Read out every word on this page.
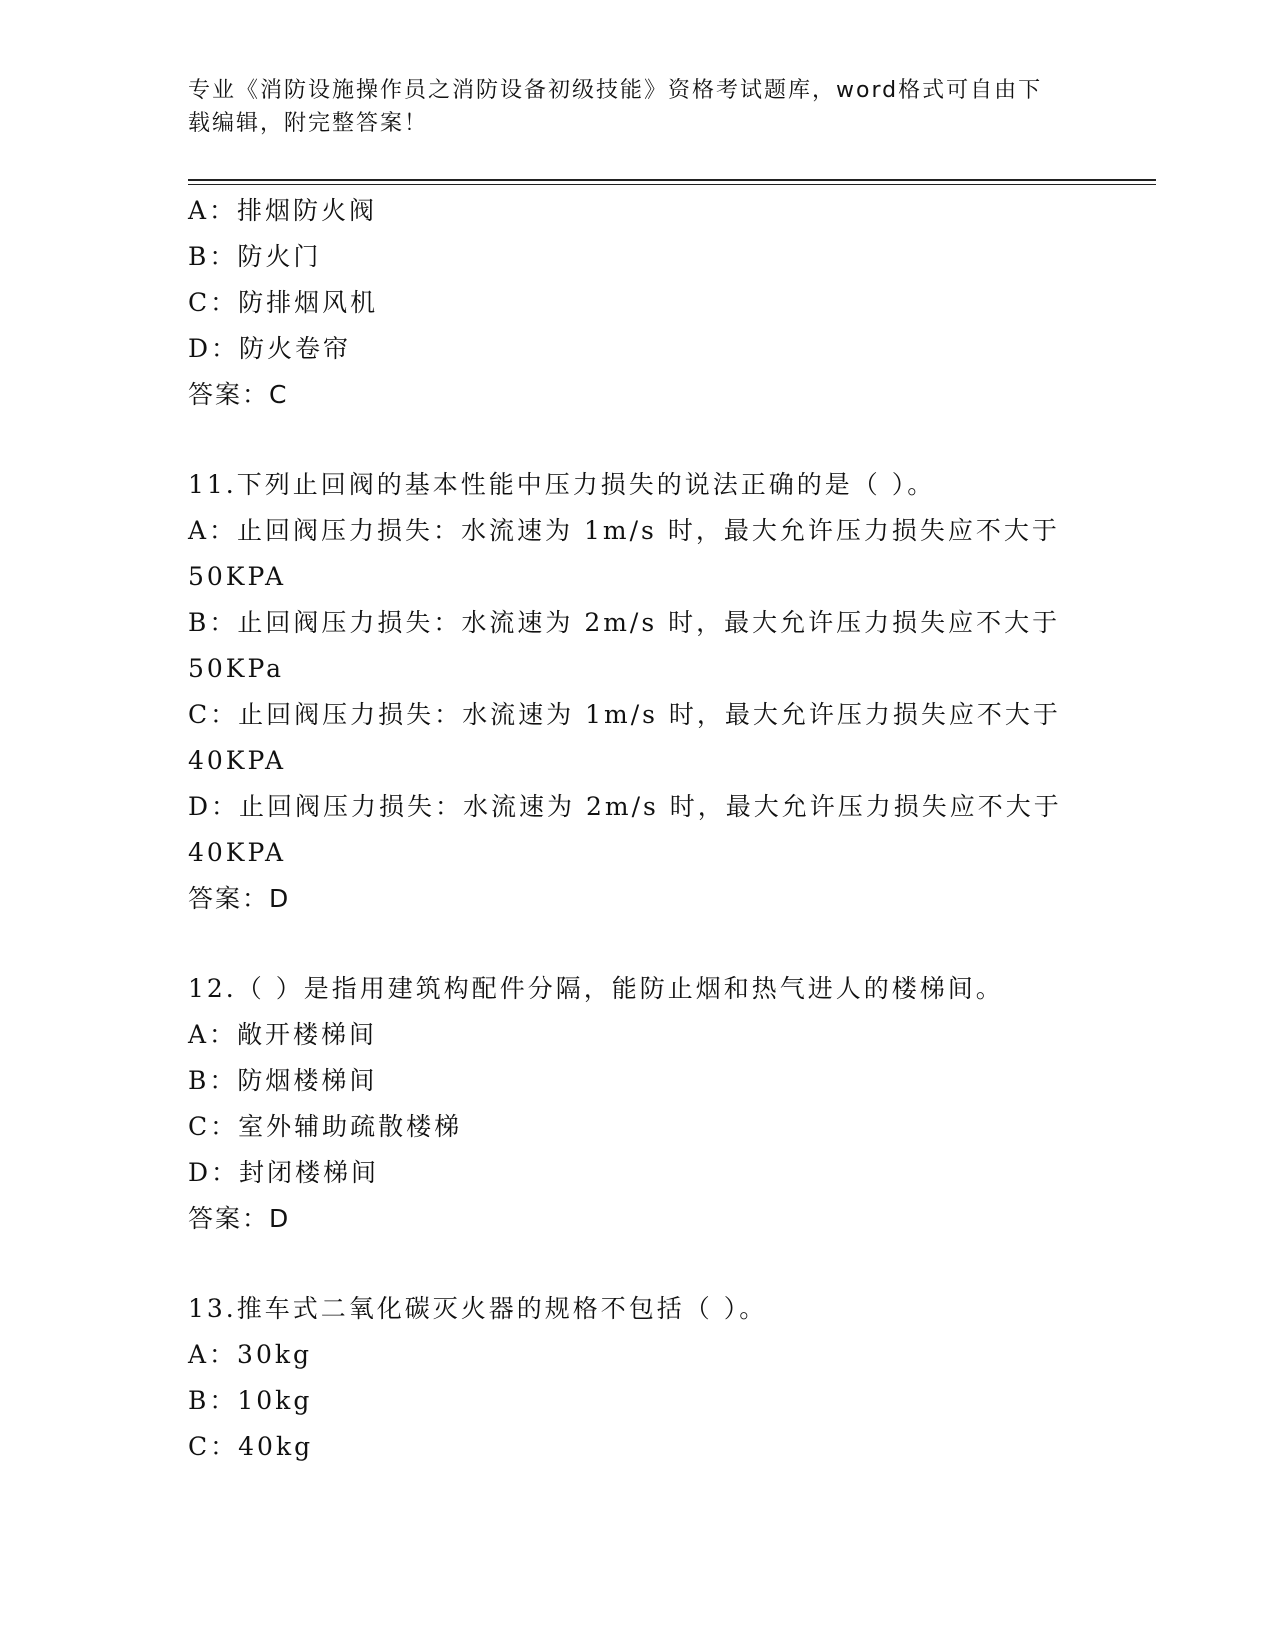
专业《消防设施操作员之消防设备初级技能》资格考试题库，word格式可自由下
载编辑，附完整答案！
A：排烟防火阀
B：防火门
C：防排烟风机
D：防火卷帘
答案：C
11.下列止回阀的基本性能中压力损失的说法正确的是（ ）。
A：止回阀压力损失：水流速为 1m/s 时，最大允许压力损失应不大于
50KPA
B：止回阀压力损失：水流速为 2m/s 时，最大允许压力损失应不大于
50KPa
C：止回阀压力损失：水流速为 1m/s 时，最大允许压力损失应不大于
40KPA
D：止回阀压力损失：水流速为 2m/s 时，最大允许压力损失应不大于
40KPA
答案：D
12.（ ）是指用建筑构配件分隔，能防止烟和热气进人的楼梯间。
A：敞开楼梯间
B：防烟楼梯间
C：室外辅助疏散楼梯
D：封闭楼梯间
答案：D
13.推车式二氧化碳灭火器的规格不包括（ ）。
A：30kg
B：10kg
C：40kg
